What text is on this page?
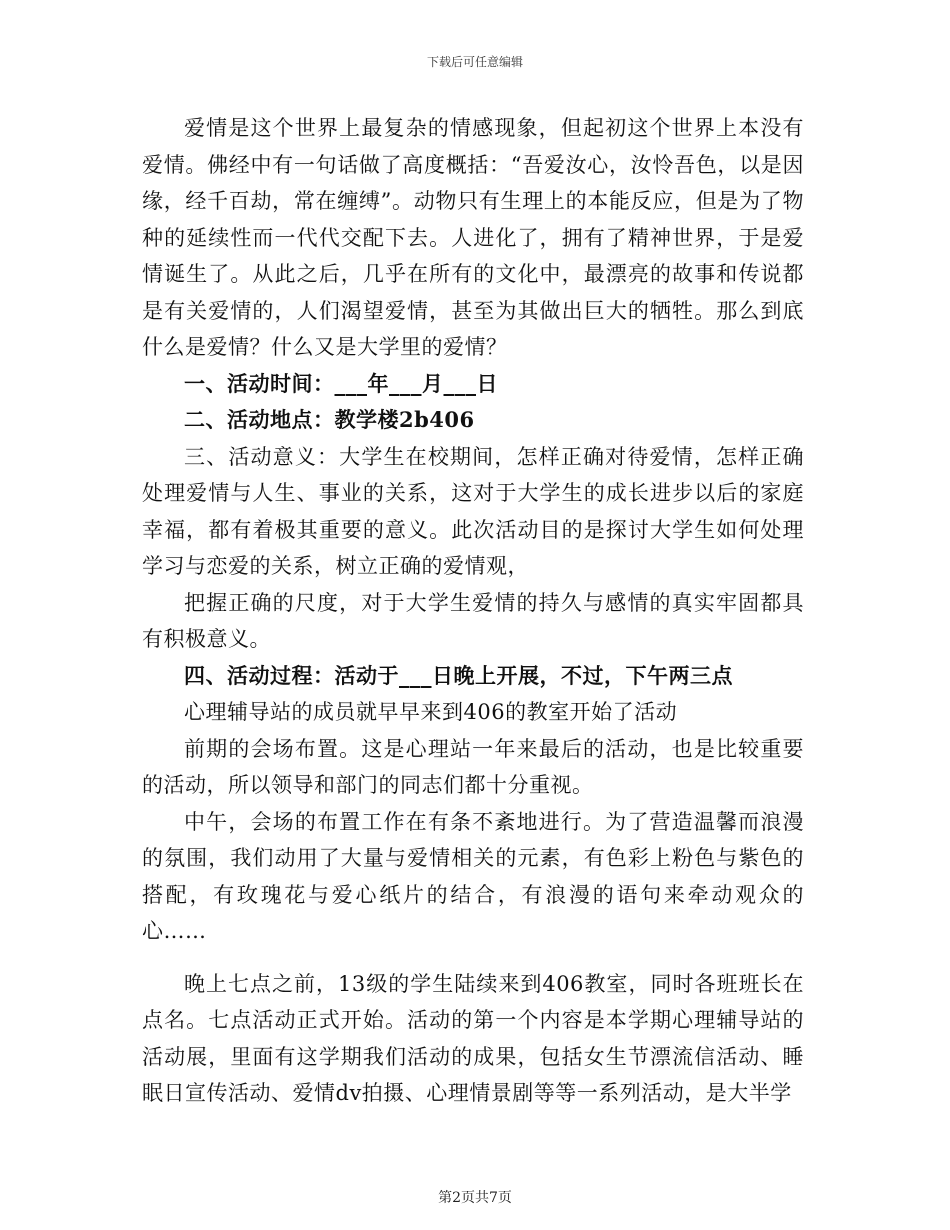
下载后可任意编辑

爱情是这个世界上最复杂的情感现象，但起初这个世界上本没有爱情。佛经中有一句话做了高度概括：“吾爱汝心，汝怜吾色，以是因缘，经千百劫，常在缠缚”。动物只有生理上的本能反应，但是为了物种的延续性而一代代交配下去。人进化了，拥有了精神世界，于是爱情诞生了。从此之后，几乎在所有的文化中，最漂亮的故事和传说都是有关爱情的，人们渴望爱情，甚至为其做出巨大的牺牲。那么到底什么是爱情？什么又是大学里的爱情？

一、活动时间：___年___月___日

二、活动地点：教学楼2b406

三、活动意义：大学生在校期间，怎样正确对待爱情，怎样正确处理爱情与人生、事业的关系，这对于大学生的成长进步以后的家庭幸福，都有着极其重要的意义。此次活动目的是探讨大学生如何处理学习与恋爱的关系，树立正确的爱情观，

把握正确的尺度，对于大学生爱情的持久与感情的真实牢固都具有积极意义。

四、活动过程：活动于___日晚上开展，不过，下午两三点

心理辅导站的成员就早早来到406的教室开始了活动

前期的会场布置。这是心理站一年来最后的活动，也是比较重要的活动，所以领导和部门的同志们都十分重视。

中午，会场的布置工作在有条不紊地进行。为了营造温馨而浪漫的氛围，我们动用了大量与爱情相关的元素，有色彩上粉色与紫色的搭配，有玫瑰花与爱心纸片的结合，有浪漫的语句来牵动观众的心……

晚上七点之前，13级的学生陆续来到406教室，同时各班班长在点名。七点活动正式开始。活动的第一个内容是本学期心理辅导站的活动展，里面有这学期我们活动的成果，包括女生节漂流信活动、睡眠日宣传活动、爱情dv拍摄、心理情景剧等等一系列活动，是大半学

第2页共7页
